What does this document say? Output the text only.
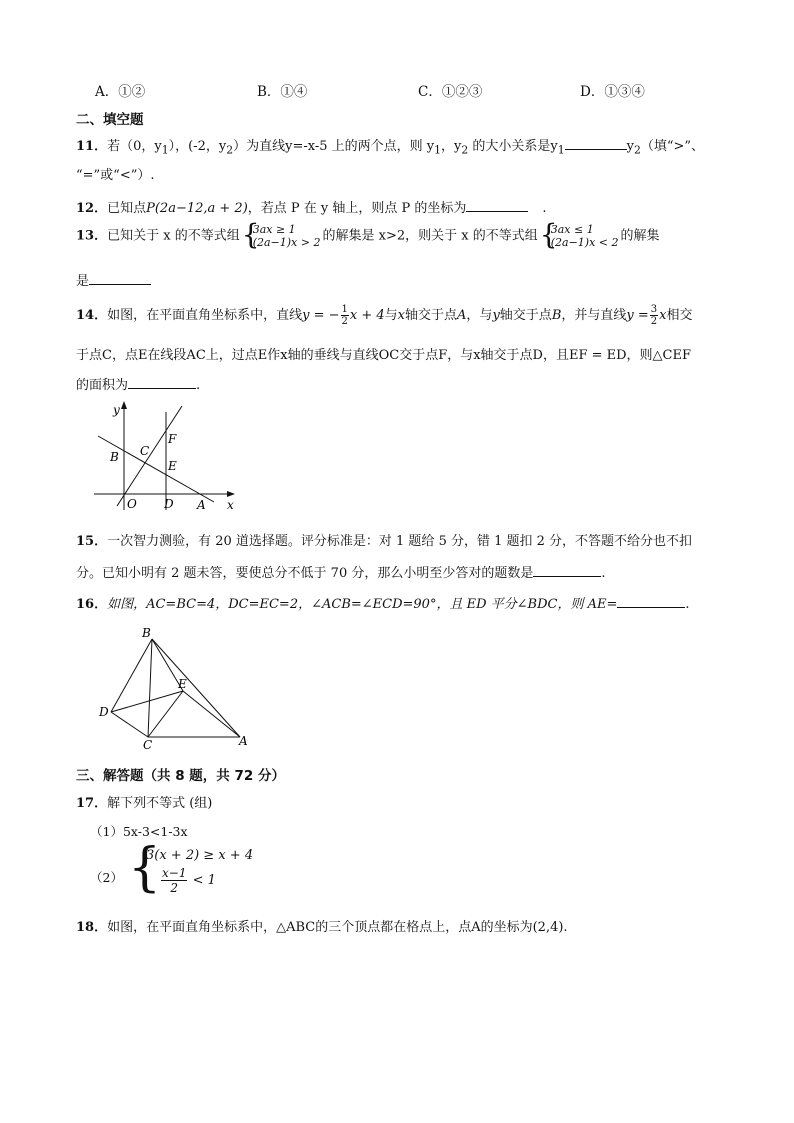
A．①②	B．①④	C．①②③	D．①③④
二、填空题
11．若（0，$y_1$），(-2，$y_2$）为直线y=-x-5 上的两个点，则 $y_1$，$y_2$ 的大小关系是$y_1$	$y_2$（填“>”、
“=”或“<”）.
12．已知点P(2a−12,a + 2)，若点 P 在 y 轴上，则点 P 的坐标为	.
13．已知关于 x 的不等式组 { 3ax ≥ 1
(2a−1)x > 2 的解集是 x>2，则关于 x 的不等式组 { 3ax ≤ 1
(2a−1)x < 2 的解集
是
14．如图，在平面直角坐标系中，直线y = − $\frac{1}{2}$ x + 4与x轴交于点A，与y轴交于点B，并与直线$y = \frac{3}{2}$ x相交
于点C，点E在线段AC上，过点E作x轴的垂线与直线OC交于点F，与x轴交于点D，且EF = ED，则△CEF
的面积为	.
y
x
B C
F
E
O D A
15．一次智力测验，有 20 道选择题。评分标准是：对 1 题给 5 分，错 1 题扣 2 分，不答题不给分也不扣
分。已知小明有 2 题未答，要使总分不低于 70 分，那么小明至少答对的题数是	.
16．如图，AC=BC=4，DC=EC=2，∠ACB=∠ECD=90°，且 ED 平分∠BDC，则 AE=	.
B
E
D
C	A
三、解答题（共 8 题，共 72 分）
17．解下列不等式 (组)
（1）5x-3<1-3x
（2） {
3(x + 2) ≥ x + 4
$\frac{x-1}{2} < 1$
18．如图，在平面直角坐标系中，△ABC的三个顶点都在格点上，点A的坐标为(2,4).
